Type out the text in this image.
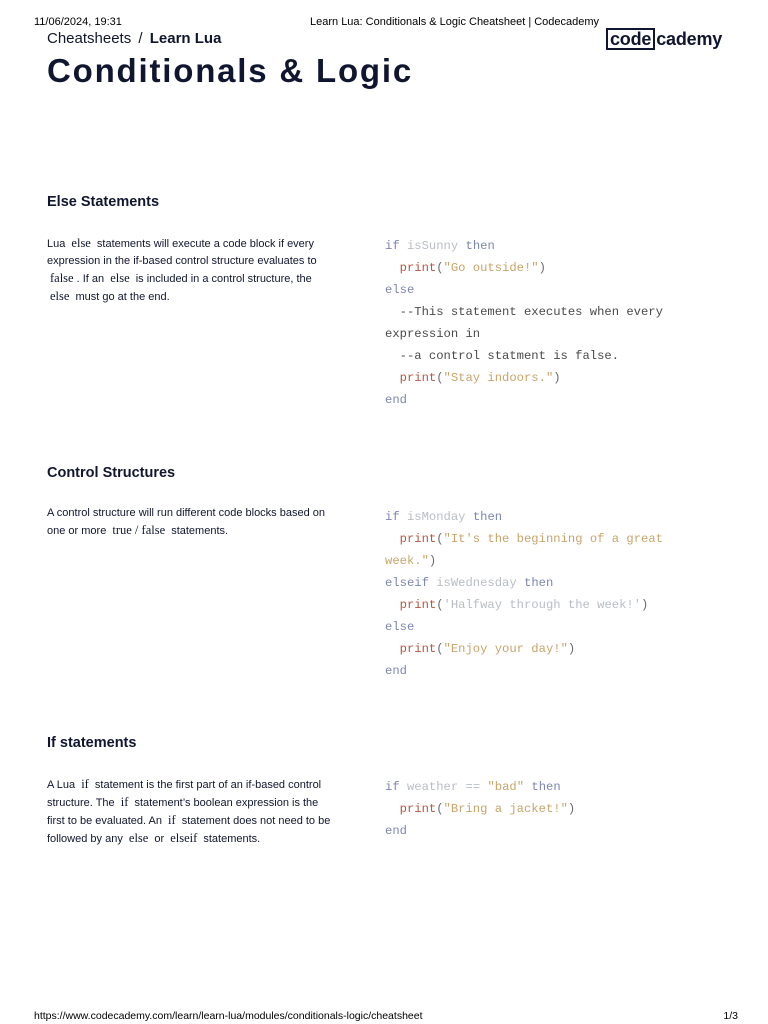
11/06/2024, 19:31	Learn Lua: Conditionals & Logic Cheatsheet | Codecademy
Cheatsheets / Learn Lua	code cademy
Conditionals & Logic
Else Statements
Lua else statements will execute a code block if every expression in the if-based control structure evaluates to false . If an else is included in a control structure, the else must go at the end.
if isSunny then
print("Go outside!")
else
--This statement executes when every expression in
--a control statment is false.
print("Stay indoors.")
end
Control Structures
A control structure will run different code blocks based on one or more true / false statements.
if isMonday then
print("It's the beginning of a great week.")
elseif isWednesday then
print('Halfway through the week!')
else
print("Enjoy your day!")
end
If statements
A Lua if statement is the first part of an if-based control structure. The if statement’s boolean expression is the first to be evaluated. An if statement does not need to be followed by any else or elseif statements.
if weather == "bad" then
print("Bring a jacket!")
end
https://www.codecademy.com/learn/learn-lua/modules/conditionals-logic/cheatsheet	1/3
